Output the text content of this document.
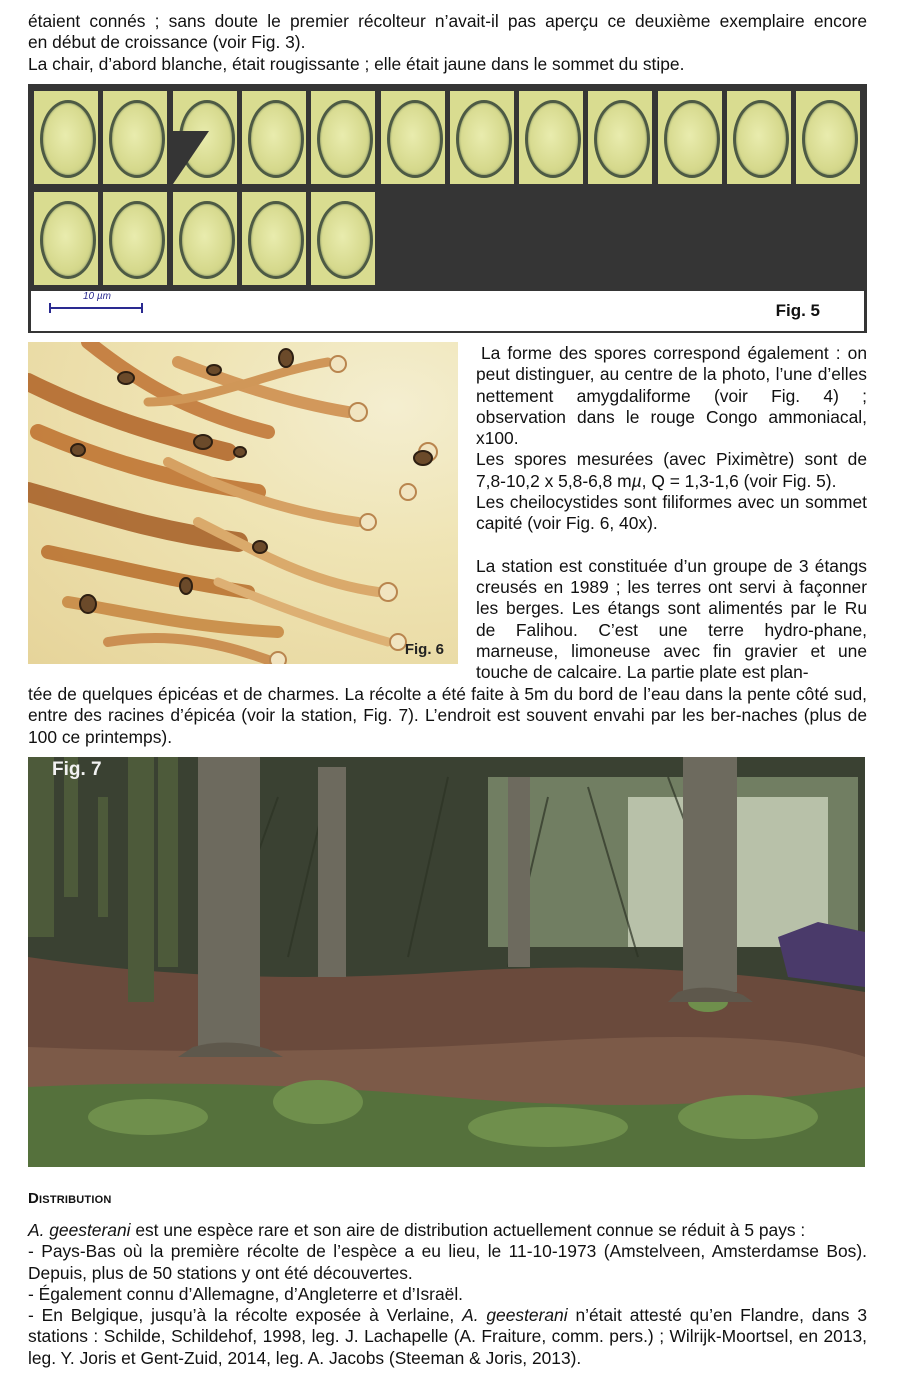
étaient connés ; sans doute le premier récolteur n’avait-il pas aperçu ce deuxième exemplaire encore
en début de croissance (voir Fig. 3).
La chair, d’abord blanche, était rougissante ; elle était jaune dans le sommet du stipe.
10 µm
Fig. 5
Fig. 6
La forme des spores correspond également : on peut distinguer, au centre de la photo, l’une d’elles nettement amygdaliforme (voir Fig. 4) ; observation dans le rouge Congo ammoniacal, x100.
Les spores mesurées (avec Piximètre) sont de 7,8-10,2 x 5,8-6,8 mµ, Q = 1,3-1,6 (voir Fig. 5).
Les cheilocystides sont filiformes avec un sommet capité (voir Fig. 6, 40x).
La station est constituée d’un groupe de 3 étangs creusés en 1989 ; les terres ont servi à façonner les berges. Les étangs sont alimentés par le Ru de Falihou. C’est une terre hydro-phane, marneuse, limoneuse avec fin gravier et une touche de calcaire. La partie plate est plan-
tée de quelques épicéas et de charmes. La récolte a été faite à 5m du bord de l’eau dans la pente côté sud, entre des racines d’épicéa (voir la station, Fig. 7). L’endroit est souvent envahi par les ber-naches (plus de 100 ce printemps).
Fig. 7
Distribution
A. geesterani est une espèce rare et son aire de distribution actuellement connue se réduit à 5 pays :
- Pays-Bas où la première récolte de l’espèce a eu lieu, le 11-10-1973 (Amstelveen, Amsterdamse Bos). Depuis, plus de 50 stations y ont été découvertes.
- Également connu d’Allemagne, d’Angleterre et d’Israël.
- En Belgique, jusqu’à la récolte exposée à Verlaine, A. geesterani n’était attesté qu’en Flandre, dans 3 stations : Schilde, Schildehof, 1998, leg. J. Lachapelle (A. Fraiture, comm. pers.) ; Wilrijk-Moortsel, en 2013, leg. Y. Joris et Gent-Zuid, 2014, leg. A. Jacobs (Steeman & Joris, 2013).
